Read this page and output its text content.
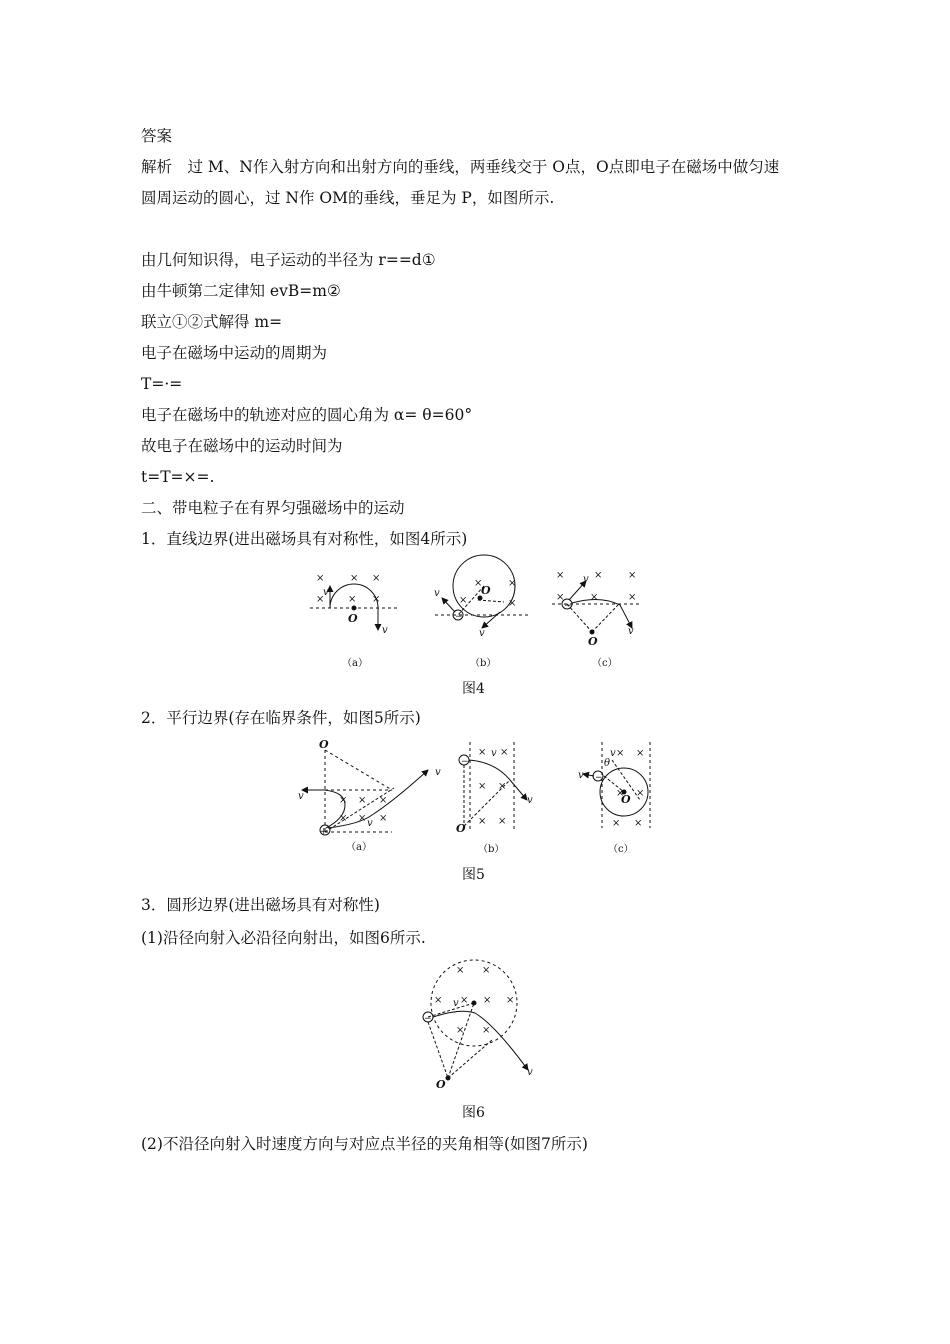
答案
解析　过 M、N作入射方向和出射方向的垂线，两垂线交于 O点，O点即电子在磁场中做匀速
圆周运动的圆心，过 N作 OM的垂线，垂足为 P，如图所示.
由几何知识得，电子运动的半径为 r==d①
由牛顿第二定律知 evB=m②
联立①②式解得 m=
电子在磁场中运动的周期为
T=·=
电子在磁场中的轨迹对应的圆心角为 α= θ=60°
故电子在磁场中的运动时间为
t=T=×=.
二、带电粒子在有界匀强磁场中的运动
1．直线边界(进出磁场具有对称性，如图4所示)
×	× ×
× × ×
v
v
O
×	×
×	×
O
v
v
×	×	×
×	×	×
v
v
O
（a）	（b）	（c）
图4
2．平行边界(存在临界条件，如图5所示)
O
v
v
v
× × ×
× × ×
+
× v ×
× ×
× ×
v
O
v × ×
θ
v
× ×
× ×
O
（a）	（b）	（c）
图5
3．圆形边界(进出磁场具有对称性)
(1)沿径向射入必沿径向射出，如图6所示.
× ×
× v × × ×
× ×
v
O
−
图6
(2)不沿径向射入时速度方向与对应点半径的夹角相等(如图7所示)
−
−
−
−
